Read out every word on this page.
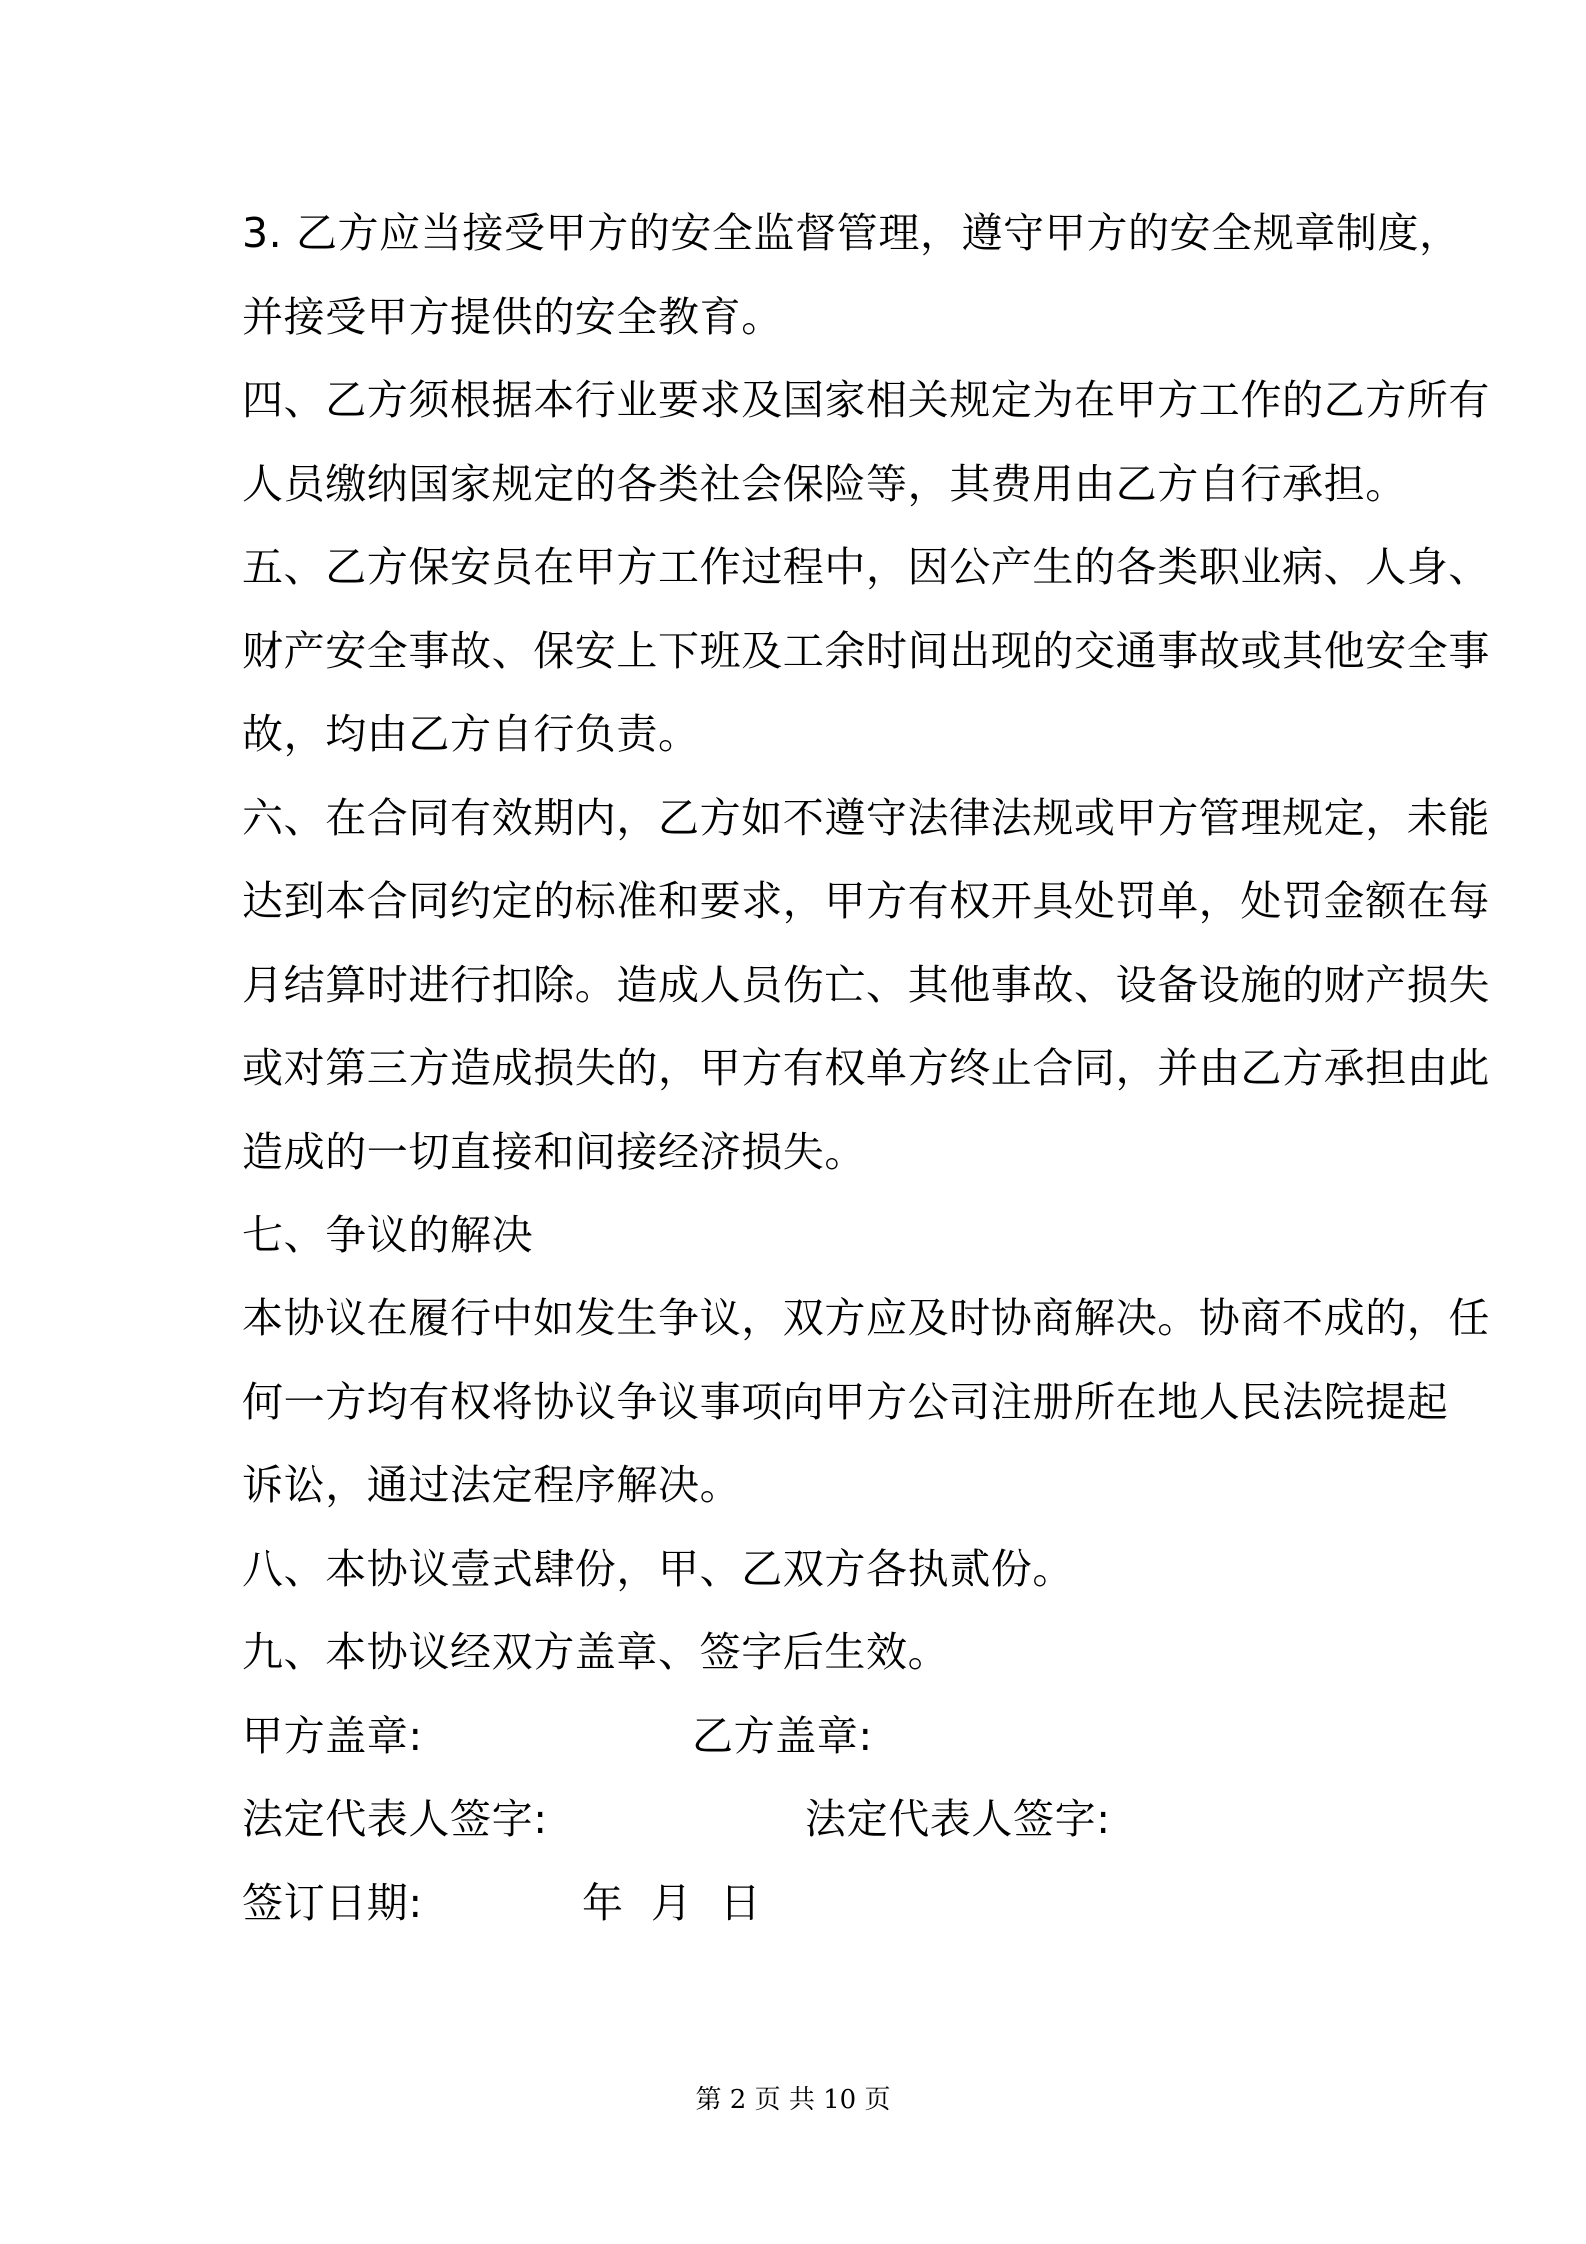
3. 乙方应当接受甲方的安全监督管理，遵守甲方的安全规章制度，
并接受甲方提供的安全教育。
四、乙方须根据本行业要求及国家相关规定为在甲方工作的乙方所有
人员缴纳国家规定的各类社会保险等，其费用由乙方自行承担。
五、乙方保安员在甲方工作过程中，因公产生的各类职业病、人身、
财产安全事故、保安上下班及工余时间出现的交通事故或其他安全事
故，均由乙方自行负责。
六、在合同有效期内，乙方如不遵守法律法规或甲方管理规定，未能
达到本合同约定的标准和要求，甲方有权开具处罚单，处罚金额在每
月结算时进行扣除。造成人员伤亡、其他事故、设备设施的财产损失
或对第三方造成损失的，甲方有权单方终止合同，并由乙方承担由此
造成的一切直接和间接经济损失。
七、争议的解决
本协议在履行中如发生争议，双方应及时协商解决。协商不成的，任
何一方均有权将协议争议事项向甲方公司注册所在地人民法院提起
诉讼，通过法定程序解决。
八、本协议壹式肆份，甲、乙双方各执贰份。
九、本协议经双方盖章、签字后生效。
甲方盖章:	乙方盖章:
法定代表人签字:	法定代表人签字:
签订日期:	年  月  日
第 2 页 共 10 页
